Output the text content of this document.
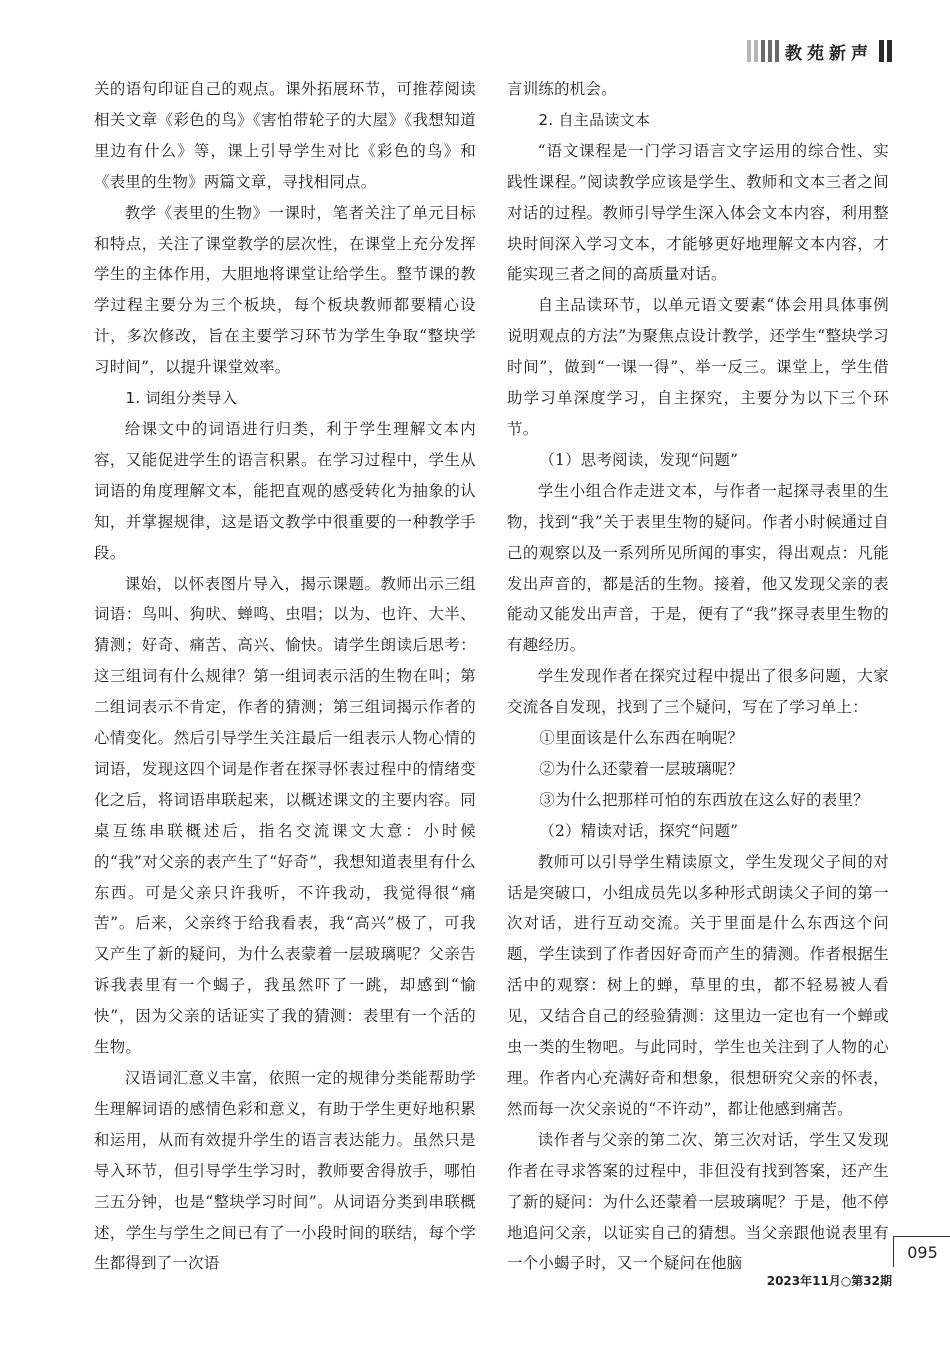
教苑新声

关的语句印证自己的观点。课外拓展环节，可推荐阅读相关文章《彩色的鸟》《害怕带轮子的大屋》《我想知道里边有什么》等，课上引导学生对比《彩色的鸟》和《表里的生物》两篇文章，寻找相同点。

教学《表里的生物》一课时，笔者关注了单元目标和特点，关注了课堂教学的层次性，在课堂上充分发挥学生的主体作用，大胆地将课堂让给学生。整节课的教学过程主要分为三个板块，每个板块教师都要精心设计，多次修改，旨在主要学习环节为学生争取“整块学习时间”，以提升课堂效率。

1. 词组分类导入

给课文中的词语进行归类，利于学生理解文本内容，又能促进学生的语言积累。在学习过程中，学生从词语的角度理解文本，能把直观的感受转化为抽象的认知，并掌握规律，这是语文教学中很重要的一种教学手段。

课始，以怀表图片导入，揭示课题。教师出示三组词语：鸟叫、狗吠、蝉鸣、虫唱；以为、也许、大半、猜测；好奇、痛苦、高兴、愉快。请学生朗读后思考：这三组词有什么规律？第一组词表示活的生物在叫；第二组词表示不肯定，作者的猜测；第三组词揭示作者的心情变化。然后引导学生关注最后一组表示人物心情的词语，发现这四个词是作者在探寻怀表过程中的情绪变化之后，将词语串联起来，以概述课文的主要内容。同桌互练串联概述后，指名交流课文大意：小时候的“我”对父亲的表产生了“好奇”，我想知道表里有什么东西。可是父亲只许我听，不许我动，我觉得很“痛苦”。后来，父亲终于给我看表，我“高兴”极了，可我又产生了新的疑问，为什么表蒙着一层玻璃呢？父亲告诉我表里有一个蝎子，我虽然吓了一跳，却感到“愉快”，因为父亲的话证实了我的猜测：表里有一个活的生物。

汉语词汇意义丰富，依照一定的规律分类能帮助学生理解词语的感情色彩和意义，有助于学生更好地积累和运用，从而有效提升学生的语言表达能力。虽然只是导入环节，但引导学生学习时，教师要舍得放手，哪怕三五分钟，也是“整块学习时间”。从词语分类到串联概述，学生与学生之间已有了一小段时间的联结，每个学生都得到了一次语

言训练的机会。

2. 自主品读文本

“语文课程是一门学习语言文字运用的综合性、实践性课程。”阅读教学应该是学生、教师和文本三者之间对话的过程。教师引导学生深入体会文本内容，利用整块时间深入学习文本，才能够更好地理解文本内容，才能实现三者之间的高质量对话。

自主品读环节，以单元语文要素“体会用具体事例说明观点的方法”为聚焦点设计教学，还学生“整块学习时间”，做到“一课一得”、举一反三。课堂上，学生借助学习单深度学习，自主探究，主要分为以下三个环节。

（1）思考阅读，发现“问题”

学生小组合作走进文本，与作者一起探寻表里的生物，找到“我”关于表里生物的疑问。作者小时候通过自己的观察以及一系列所见所闻的事实，得出观点：凡能发出声音的，都是活的生物。接着，他又发现父亲的表能动又能发出声音，于是，便有了“我”探寻表里生物的有趣经历。

学生发现作者在探究过程中提出了很多问题，大家交流各自发现，找到了三个疑问，写在了学习单上：

①里面该是什么东西在响呢？

②为什么还蒙着一层玻璃呢？

③为什么把那样可怕的东西放在这么好的表里？

（2）精读对话，探究“问题”

教师可以引导学生精读原文，学生发现父子间的对话是突破口，小组成员先以多种形式朗读父子间的第一次对话，进行互动交流。关于里面是什么东西这个问题，学生读到了作者因好奇而产生的猜测。作者根据生活中的观察：树上的蝉，草里的虫，都不轻易被人看见，又结合自己的经验猜测：这里边一定也有一个蝉或虫一类的生物吧。与此同时，学生也关注到了人物的心理。作者内心充满好奇和想象，很想研究父亲的怀表，然而每一次父亲说的“不许动”，都让他感到痛苦。

读作者与父亲的第二次、第三次对话，学生又发现作者在寻求答案的过程中，非但没有找到答案，还产生了新的疑问：为什么还蒙着一层玻璃呢？于是，他不停地追问父亲，以证实自己的猜想。当父亲跟他说表里有一个小蝎子时，又一个疑问在他脑

095
2023年11月○第32期
